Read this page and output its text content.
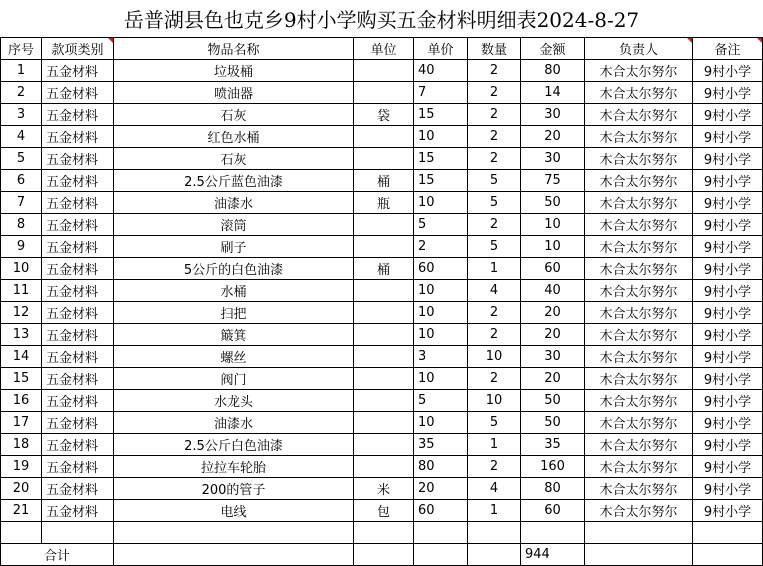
岳普湖县色也克乡9村小学购买五金材料明细表2024-8-27
序号	款项类别	物品名称	单位	单价	数量	金额	负责人	备注
1	五金材料	垃圾桶		40	2	80	木合太尔努尔	9村小学
2	五金材料	喷油器		7	2	14	木合太尔努尔	9村小学
3	五金材料	石灰	袋	15	2	30	木合太尔努尔	9村小学
4	五金材料	红色水桶		10	2	20	木合太尔努尔	9村小学
5	五金材料	石灰		15	2	30	木合太尔努尔	9村小学
6	五金材料	2.5公斤蓝色油漆	桶	15	5	75	木合太尔努尔	9村小学
7	五金材料	油漆水	瓶	10	5	50	木合太尔努尔	9村小学
8	五金材料	滚筒		5	2	10	木合太尔努尔	9村小学
9	五金材料	刷子		2	5	10	木合太尔努尔	9村小学
10	五金材料	5公斤的白色油漆	桶	60	1	60	木合太尔努尔	9村小学
11	五金材料	水桶		10	4	40	木合太尔努尔	9村小学
12	五金材料	扫把		10	2	20	木合太尔努尔	9村小学
13	五金材料	簸箕		10	2	20	木合太尔努尔	9村小学
14	五金材料	螺丝		3	10	30	木合太尔努尔	9村小学
15	五金材料	阀门		10	2	20	木合太尔努尔	9村小学
16	五金材料	水龙头		5	10	50	木合太尔努尔	9村小学
17	五金材料	油漆水		10	5	50	木合太尔努尔	9村小学
18	五金材料	2.5公斤白色油漆		35	1	35	木合太尔努尔	9村小学
19	五金材料	拉拉车轮胎		80	2	160	木合太尔努尔	9村小学
20	五金材料	200的管子	米	20	4	80	木合太尔努尔	9村小学
21	五金材料	电线	包	60	1	60	木合太尔努尔	9村小学

合计						944		
